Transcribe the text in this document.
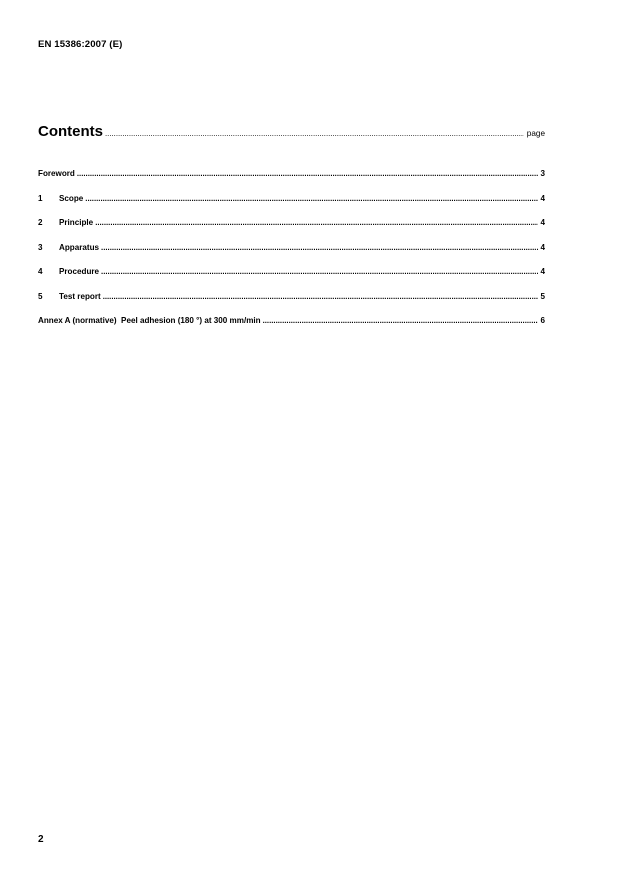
EN 15386:2007 (E)
Contents .....	page
Foreword .....	3
1	Scope .....	4
2	Principle .....	4
3	Apparatus .....	4
4	Procedure .....	4
5	Test report .....	5
Annex A (normative)  Peel adhesion (180 °) at 300 mm/min .....	6
2
